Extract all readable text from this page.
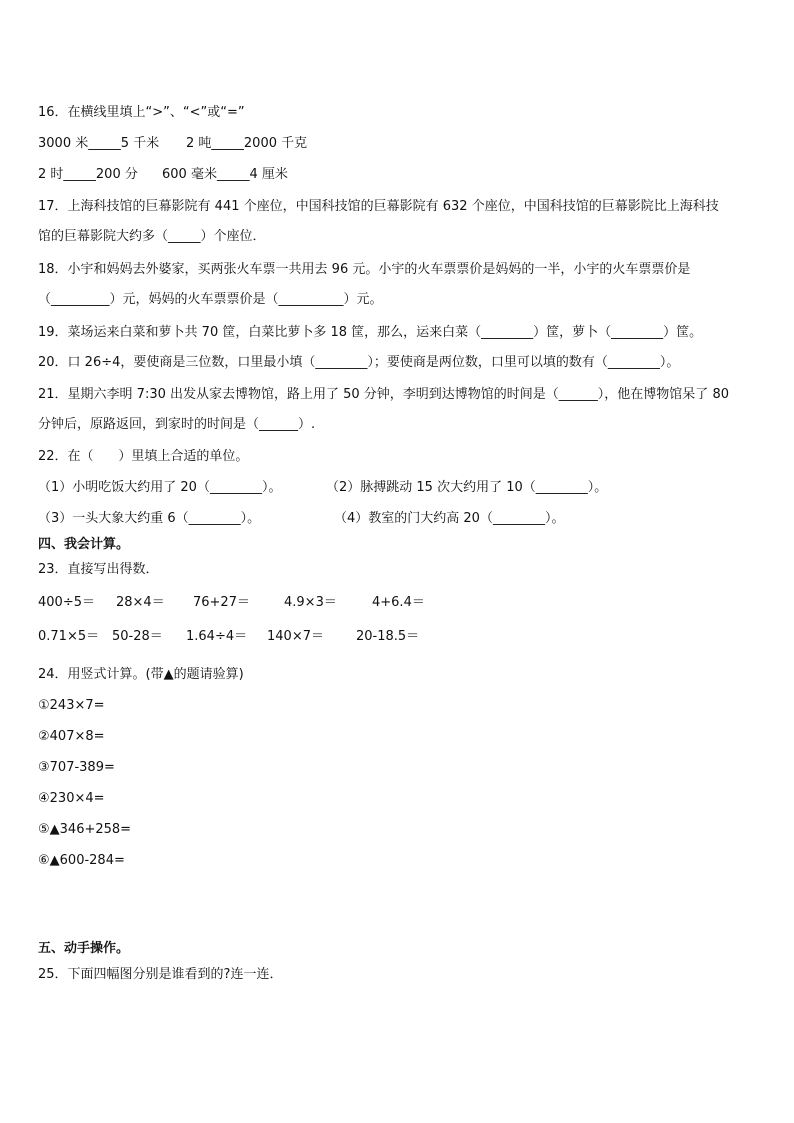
16．在横线里填上“>”、“<”或“=”
3000 米_____5 千米 2 吨_____2000 千克
2 时_____200 分 600 毫米_____4 厘米
17．上海科技馆的巨幕影院有 441 个座位，中国科技馆的巨幕影院有 632 个座位，中国科技馆的巨幕影院比上海科技
馆的巨幕影院大约多（_____）个座位．
18．小宇和妈妈去外婆家，买两张火车票一共用去 96 元。小宇的火车票票价是妈妈的一半，小宇的火车票票价是
（_________）元，妈妈的火车票票价是（__________）元。
19．菜场运来白菜和萝卜共 70 筐，白菜比萝卜多 18 筐，那么，运来白菜（________）筐，萝卜（________）筐。
20．口 26÷4，要使商是三位数，口里最小填（________）；要使商是两位数，口里可以填的数有（________）。
21．星期六李明 7:30 出发从家去博物馆，路上用了 50 分钟，李明到达博物馆的时间是（______），他在博物馆呆了 80
分钟后，原路返回，到家时的时间是（______）.
22．在（      ）里填上合适的单位。
（1）小明吃饭大约用了 20（________）。	（2）脉搏跳动 15 次大约用了 10（________）。
（3）一头大象大约重 6（________）。	（4）教室的门大约高 20（________）。
四、我会计算。
23．直接写出得数．
400÷5＝ 28×4＝ 76+27＝	4.9×3＝	4+6.4＝
0.71×5＝ 50-28＝ 1.64÷4＝ 140×7＝ 20-18.5＝
24．用竖式计算。(带▲的题请验算)
①243×7=
②407×8=
③707-389=
④230×4=
⑤▲346+258=
⑥▲600-284=
五、动手操作。
25．下面四幅图分别是谁看到的?连一连．
